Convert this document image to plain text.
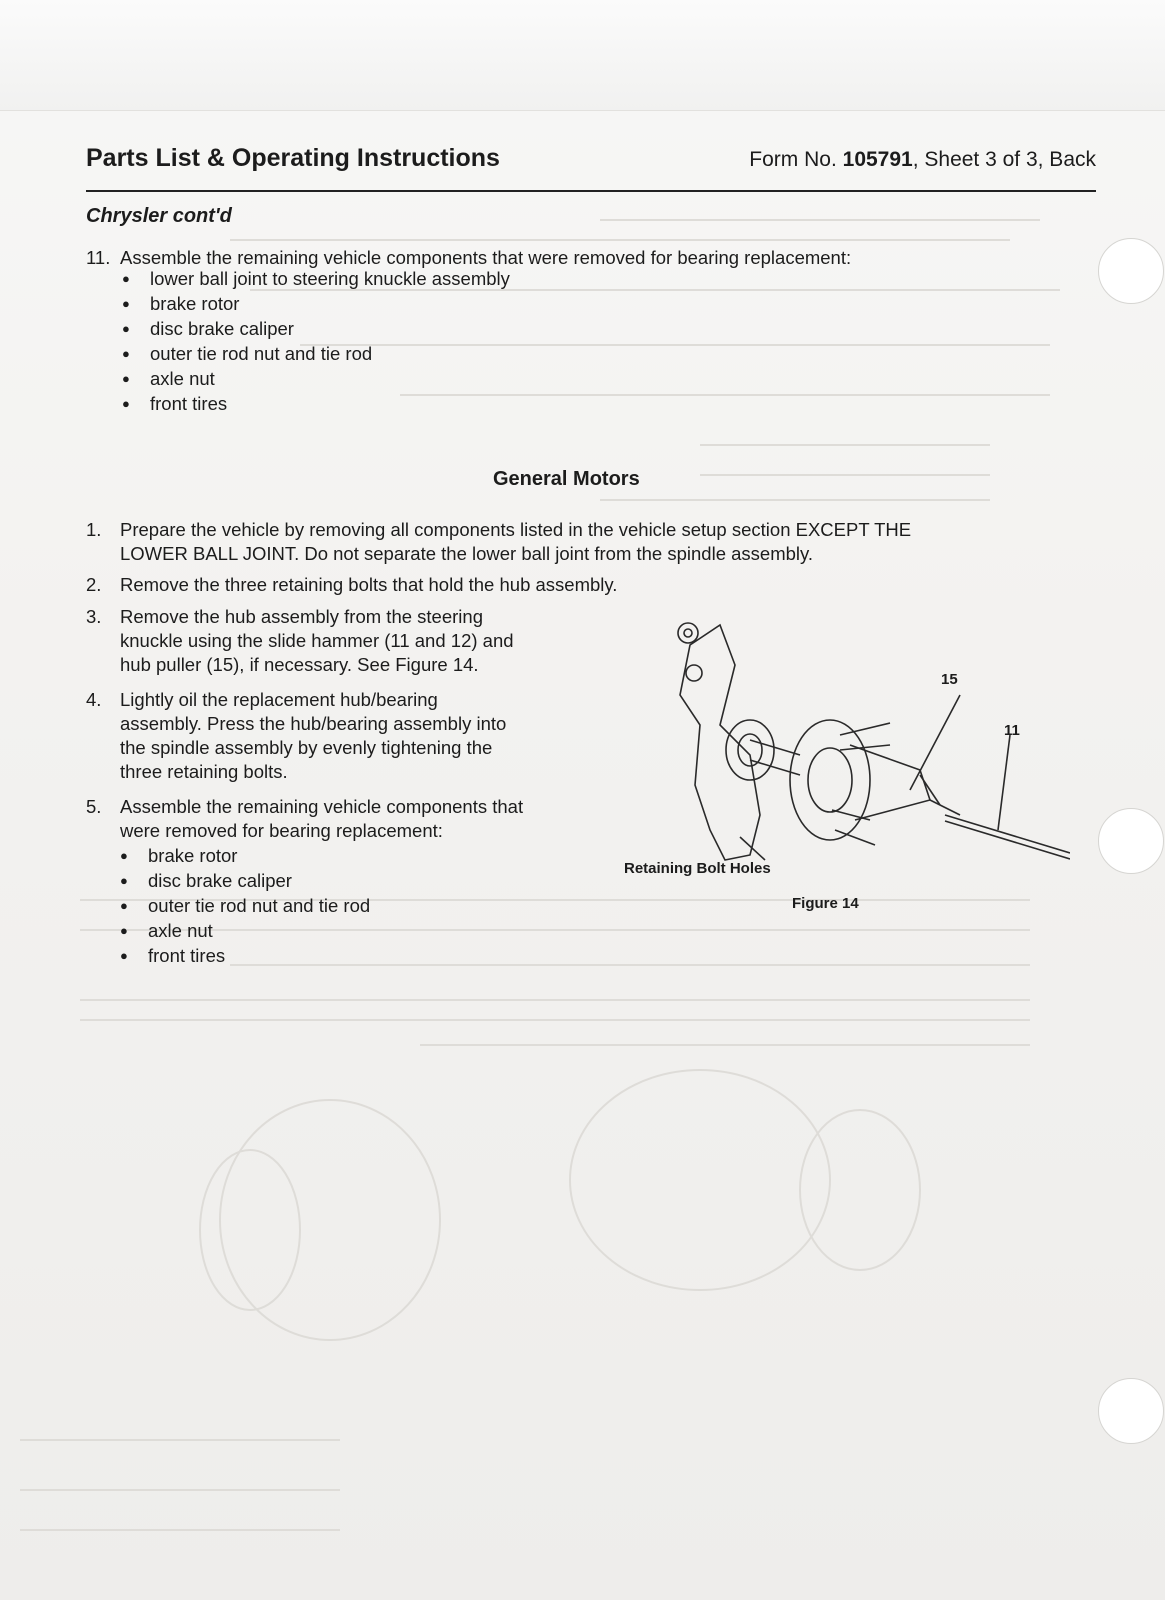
Parts List & Operating Instructions	Form No. 105791, Sheet 3 of 3, Back
Chrysler cont'd
11. Assemble the remaining vehicle components that were removed for bearing replacement:
● lower ball joint to steering knuckle assembly
● brake rotor
● disc brake caliper
● outer tie rod nut and tie rod
● axle nut
● front tires
General Motors
1.	Prepare the vehicle by removing all components listed in the vehicle setup section EXCEPT THE
LOWER BALL JOINT. Do not separate the lower ball joint from the spindle assembly.
2.	Remove the three retaining bolts that hold the hub assembly.
3.	Remove the hub assembly from the steering
knuckle using the slide hammer (11 and 12) and
hub puller (15), if necessary. See Figure 14.
4.	Lightly oil the replacement hub/bearing
assembly. Press the hub/bearing assembly into
the spindle assembly by evenly tightening the
three retaining bolts.
5.	Assemble the remaining vehicle components that
were removed for bearing replacement:
● brake rotor
● disc brake caliper
● outer tie rod nut and tie rod
● axle nut
● front tires
15
11
Retaining Bolt Holes
Figure 14
